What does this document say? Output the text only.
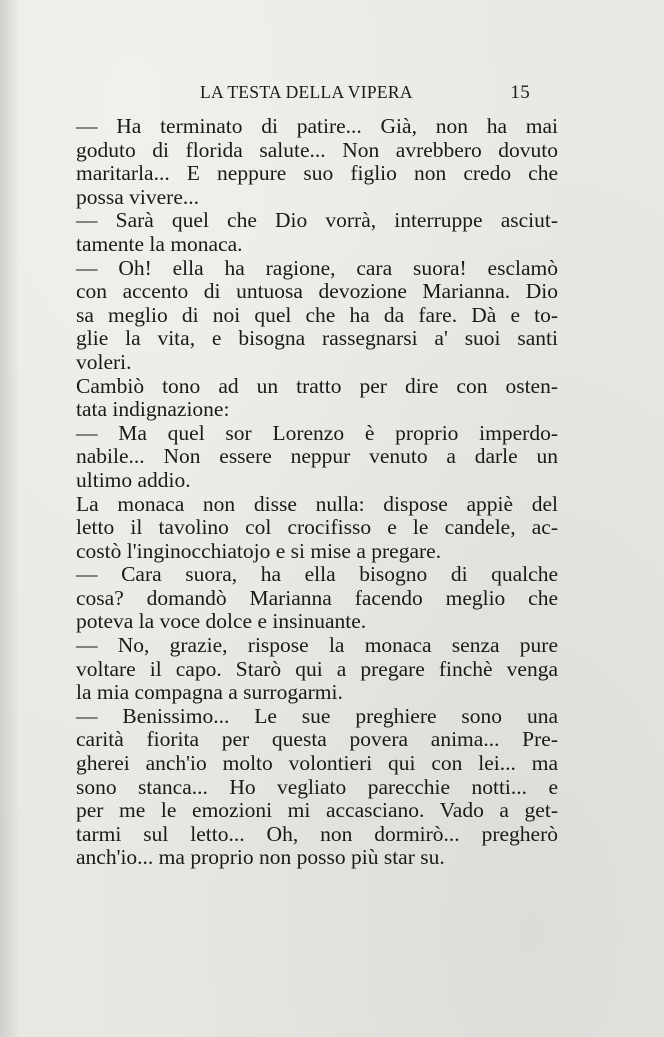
LA TESTA DELLA VIPERA	15
— Ha terminato di patire... Già, non ha mai
goduto di florida salute... Non avrebbero dovuto
maritarla... E neppure suo figlio non credo che
possa vivere...
— Sarà quel che Dio vorrà, interruppe asciut-
tamente la monaca.
— Oh! ella ha ragione, cara suora! esclamò
con accento di untuosa devozione Marianna. Dio
sa meglio di noi quel che ha da fare. Dà e to-
glie la vita, e bisogna rassegnarsi a' suoi santi
voleri.
Cambiò tono ad un tratto per dire con osten-
tata indignazione:
— Ma quel sor Lorenzo è proprio imperdo-
nabile... Non essere neppur venuto a darle un
ultimo addio.
La monaca non disse nulla: dispose appiè del
letto il tavolino col crocifisso e le candele, ac-
costò l'inginocchiatojo e si mise a pregare.
— Cara suora, ha ella bisogno di qualche
cosa? domandò Marianna facendo meglio che
poteva la voce dolce e insinuante.
— No, grazie, rispose la monaca senza pure
voltare il capo. Starò qui a pregare finchè venga
la mia compagna a surrogarmi.
— Benissimo... Le sue preghiere sono una
carità fiorita per questa povera anima... Pre-
gherei anch'io molto volontieri qui con lei... ma
sono stanca... Ho vegliato parecchie notti... e
per me le emozioni mi accasciano. Vado a get-
tarmi sul letto... Oh, non dormirò... pregherò
anch'io... ma proprio non posso più star su.
